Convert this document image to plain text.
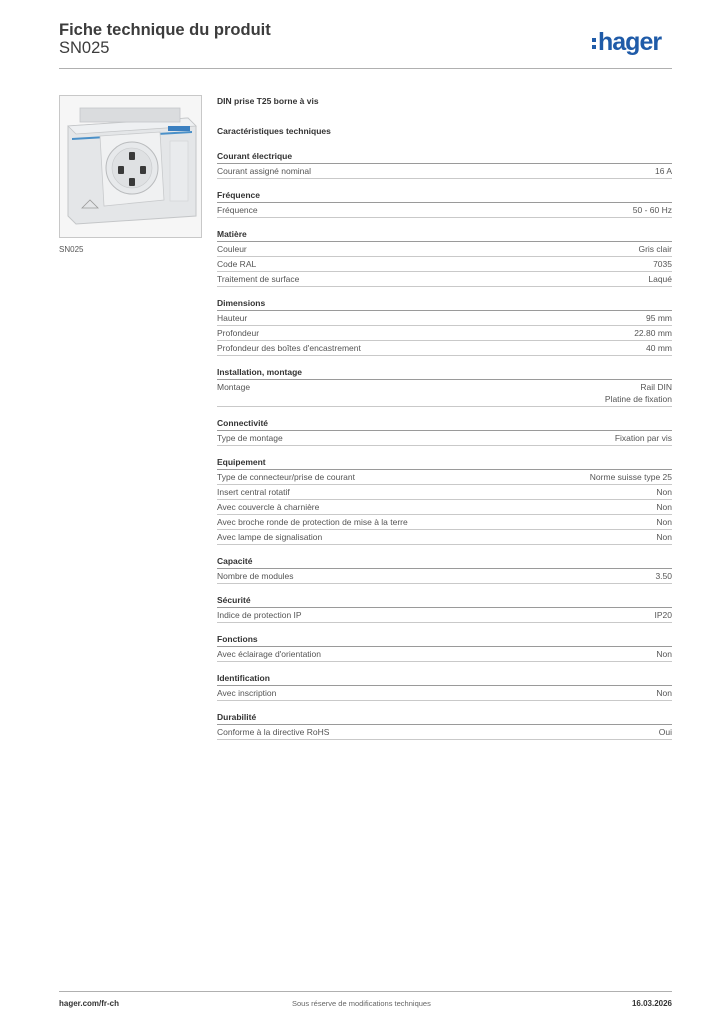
Fiche technique du produit
SN025	hager
SN025
DIN prise T25 borne à vis
Caractéristiques techniques
Courant électrique
Courant assigné nominal	16 A
Fréquence
Fréquence	50 - 60 Hz
Matière
Couleur	Gris clair
Code RAL	7035
Traitement de surface	Laqué
Dimensions
Hauteur	95 mm
Profondeur	22.80 mm
Profondeur des boîtes d'encastrement	40 mm
Installation, montage
Montage	Rail DIN
Platine de fixation
Connectivité
Type de montage	Fixation par vis
Equipement
Type de connecteur/prise de courant	Norme suisse type 25
Insert central rotatif	Non
Avec couvercle à charnière	Non
Avec broche ronde de protection de mise à la terre	Non
Avec lampe de signalisation	Non
Capacité
Nombre de modules	3.50
Sécurité
Indice de protection IP	IP20
Fonctions
Avec éclairage d'orientation	Non
Identification
Avec inscription	Non
Durabilité
Conforme à la directive RoHS	Oui
hager.com/fr-ch	Sous réserve de modifications techniques	16.03.2026
